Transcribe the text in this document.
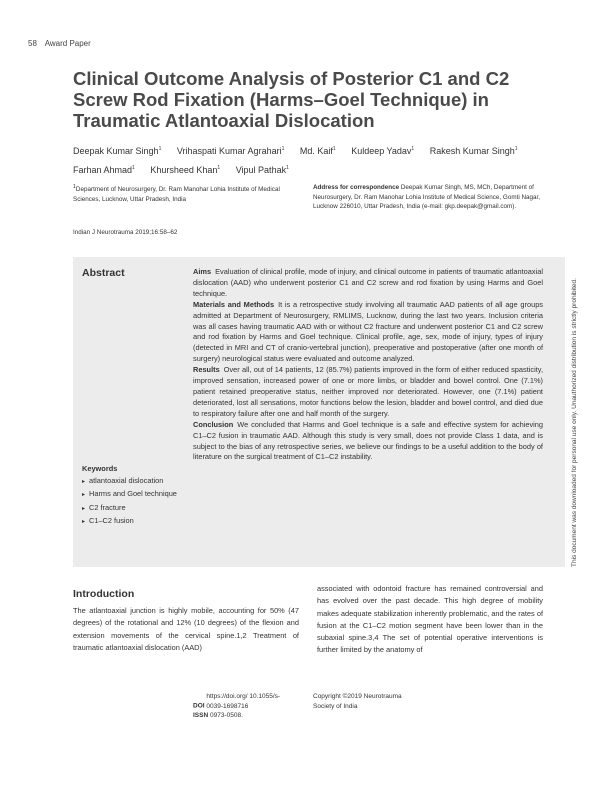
58 Award Paper
Clinical Outcome Analysis of Posterior C1 and C2 Screw Rod Fixation (Harms–Goel Technique) in Traumatic Atlantoaxial Dislocation
Deepak Kumar Singh$^1$ Vrihaspati Kumar Agrahari$^1$ Md. Kaif$^1$ Kuldeep Yadav$^1$ Rakesh Kumar Singh$^1$
Farhan Ahmad$^1$ Khursheed Khan$^1$ Vipul Pathak$^1$
$^1$Department of Neurosurgery, Dr. Ram Manohar Lohia Institute of Medical Sciences, Lucknow, Uttar Pradesh, India
Address for correspondence Deepak Kumar Singh, MS, MCh, Department of Neurosurgery, Dr. Ram Manohar Lohia Institute of Medical Science, Gomti Nagar, Lucknow 226010, Uttar Pradesh, India (e-mail: gkp.deepak@gmail.com).
Indian J Neurotrauma 2019;16:58–62
Abstract	Aims Evaluation of clinical profile, mode of injury, and clinical outcome in patients of traumatic atlantoaxial dislocation (AAD) who underwent posterior C1 and C2 screw and rod fixation by using Harms and Goel technique.

Materials and Methods It is a retrospective study involving all traumatic AAD patients of all age groups admitted at Department of Neurosurgery, RMLIMS, Lucknow, during the last two years. Inclusion criteria was all cases having traumatic AAD with or without C2 fracture and underwent posterior C1 and C2 screw and rod fixation by Harms and Goel technique. Clinical profile, age, sex, mode of injury, types of injury (detected in MRI and CT of cranio-vertebral junction), preoperative and postoperative (after one month of surgery) neurological status were evaluated and outcome analyzed.

Results Over all, out of 14 patients, 12 (85.7%) patients improved in the form of either reduced spasticity, improved sensation, increased power of one or more limbs, or bladder and bowel control. One (7.1%) patient retained preoperative status, neither improved nor deteriorated. However, one (7.1%) patient deteriorated, lost all sensations, motor functions below the lesion, bladder and bowel control, and died due to respiratory failure after one and half month of the surgery.

Conclusion We concluded that Harms and Goel technique is a safe and effective system for achieving C1–C2 fusion in traumatic AAD. Although this study is very small, does not provide Class 1 data, and is subject to the bias of any retrospective series, we believe our findings to be a useful addition to the body of literature on the surgical treatment of C1–C2 instability.

Keywords
▸ atlantoaxial dislocation
▸ Harms and Goel technique
▸ C2 fracture
▸ C1–C2 fusion	This document was downloaded for personal use only. Unauthorized distribution is strictly prohibited.
Introduction

The atlantoaxial junction is highly mobile, accounting for 50% (47 degrees) of the rotational and 12% (10 degrees) of the flexion and extension movements of the cervical spine.1,2 Treatment of traumatic atlantoaxial dislocation (AAD)

associated with odontoid fracture has remained controversial and has evolved over the past decade. This high degree of mobility makes adequate stabilization inherently problematic, and the rates of fusion at the C1–C2 motion segment have been lower than in the subaxial spine.3,4 The set of potential operative interventions is further limited by the anatomy of

DOI https://doi.org/ 10.1055/s-0039-1698716
ISSN 0973-0508.
Copyright ©2019 Neurotrauma
Society of India
